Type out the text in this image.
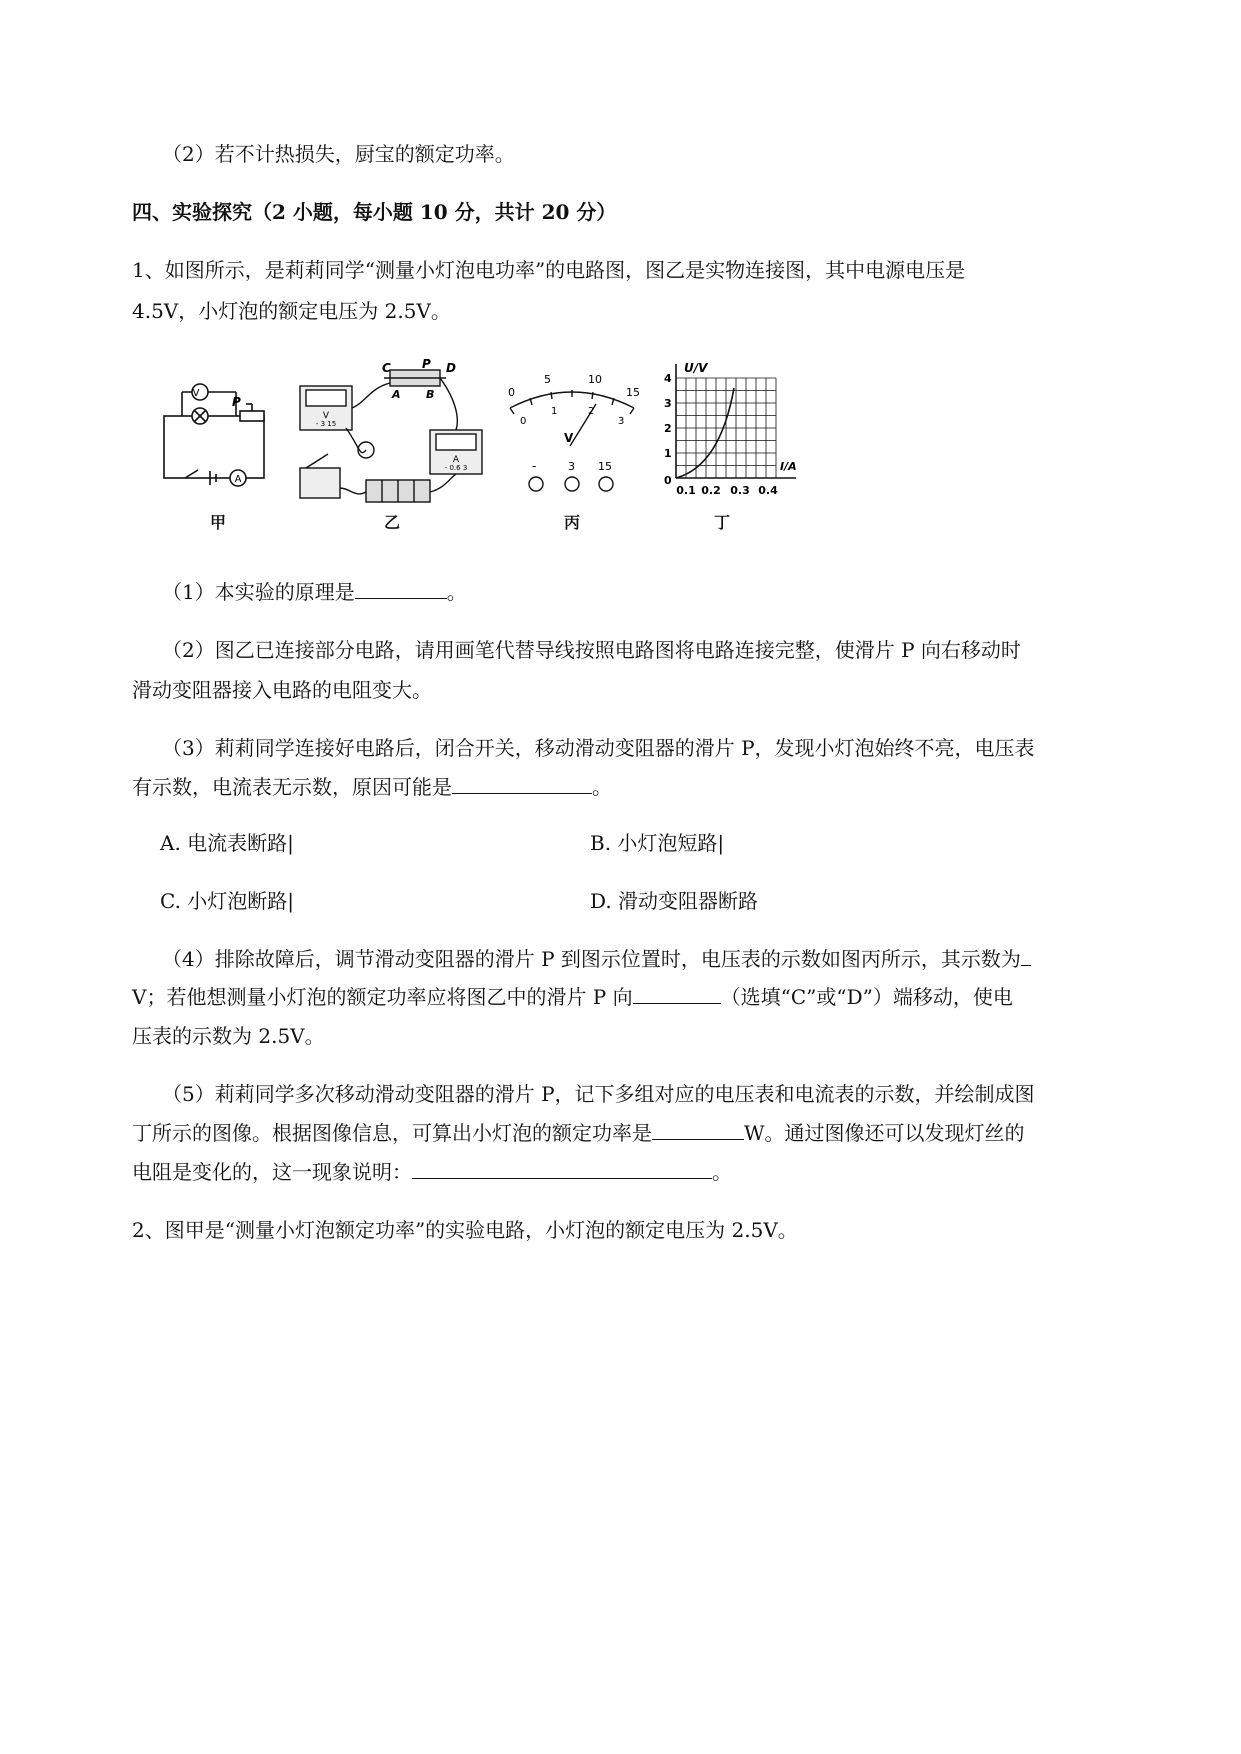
（2）若不计热损失，厨宝的额定功率。
四、实验探究（2 小题，每小题 10 分，共计 20 分）
1、如图所示，是莉莉同学“测量小灯泡电功率”的电路图，图乙是实物连接图，其中电源电压是
4.5V，小灯泡的额定电压为 2.5V。
V
A
P
C	P D
A B
V
A
- 0.6 3
- 3 15
0
5	10
15
0
1	2
3
V
-	3 15
U/V
I/A
1
2
3
4
0
0.1 0.2 0.3 0.4
甲	乙	丙	丁
（1）本实验的原理是	。
（2）图乙已连接部分电路，请用画笔代替导线按照电路图将电路连接完整，使滑片 P 向右移动时
滑动变阻器接入电路的电阻变大。
（3）莉莉同学连接好电路后，闭合开关，移动滑动变阻器的滑片 P，发现小灯泡始终不亮，电压表
有示数，电流表无示数，原因可能是	。
A. 电流表断路|	B. 小灯泡短路|
C. 小灯泡断路|	D. 滑动变阻器断路
（4）排除故障后，调节滑动变阻器的滑片 P 到图示位置时，电压表的示数如图丙所示，其示数为
V；若他想测量小灯泡的额定功率应将图乙中的滑片 P 向	（选填“C”或“D”）端移动，使电
压表的示数为 2.5V。
（5）莉莉同学多次移动滑动变阻器的滑片 P，记下多组对应的电压表和电流表的示数，并绘制成图
丁所示的图像。根据图像信息，可算出小灯泡的额定功率是	W。通过图像还可以发现灯丝的
电阻是变化的，这一现象说明：	。
2、图甲是“测量小灯泡额定功率”的实验电路，小灯泡的额定电压为 2.5V。
